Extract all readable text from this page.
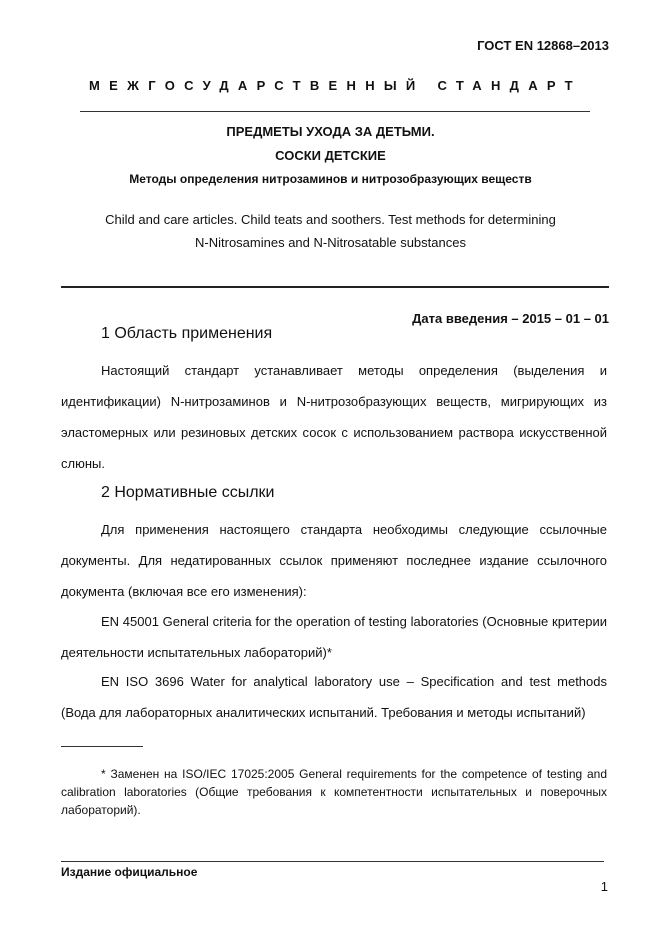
ГОСТ EN 12868–2013
МЕЖГОСУДАРСТВЕННЫЙ СТАНДАРТ
ПРЕДМЕТЫ УХОДА ЗА ДЕТЬМИ.
СОСКИ ДЕТСКИЕ
Методы определения нитрозаминов и нитрозобразующих веществ
Child and care articles. Child teats and soothers. Test methods for determining
N-Nitrosamines and N-Nitrosatable substances
Дата введения – 2015 – 01 – 01
1 Область применения

Настоящий стандарт устанавливает методы определения (выделения и идентификации) N-нитрозаминов и N-нитрозобразующих веществ, мигрирующих из эластомерных или резиновых детских сосок с использованием раствора искусственной слюны.

2 Нормативные ссылки

Для применения настоящего стандарта необходимы следующие ссылочные документы. Для недатированных ссылок применяют последнее издание ссылочного документа (включая все его изменения):

EN 45001 General criteria for the operation of testing laboratories (Основные критерии деятельности испытательных лабораторий)*

EN ISO 3696 Water for analytical laboratory use – Specification and test methods (Вода для лабораторных аналитических испытаний. Требования и методы испытаний)

* Заменен на ISO/IEC 17025:2005 General requirements for the competence of testing and calibration laboratories (Общие требования к компетентности испытательных и поверочных лабораторий).

Издание официальное
1
